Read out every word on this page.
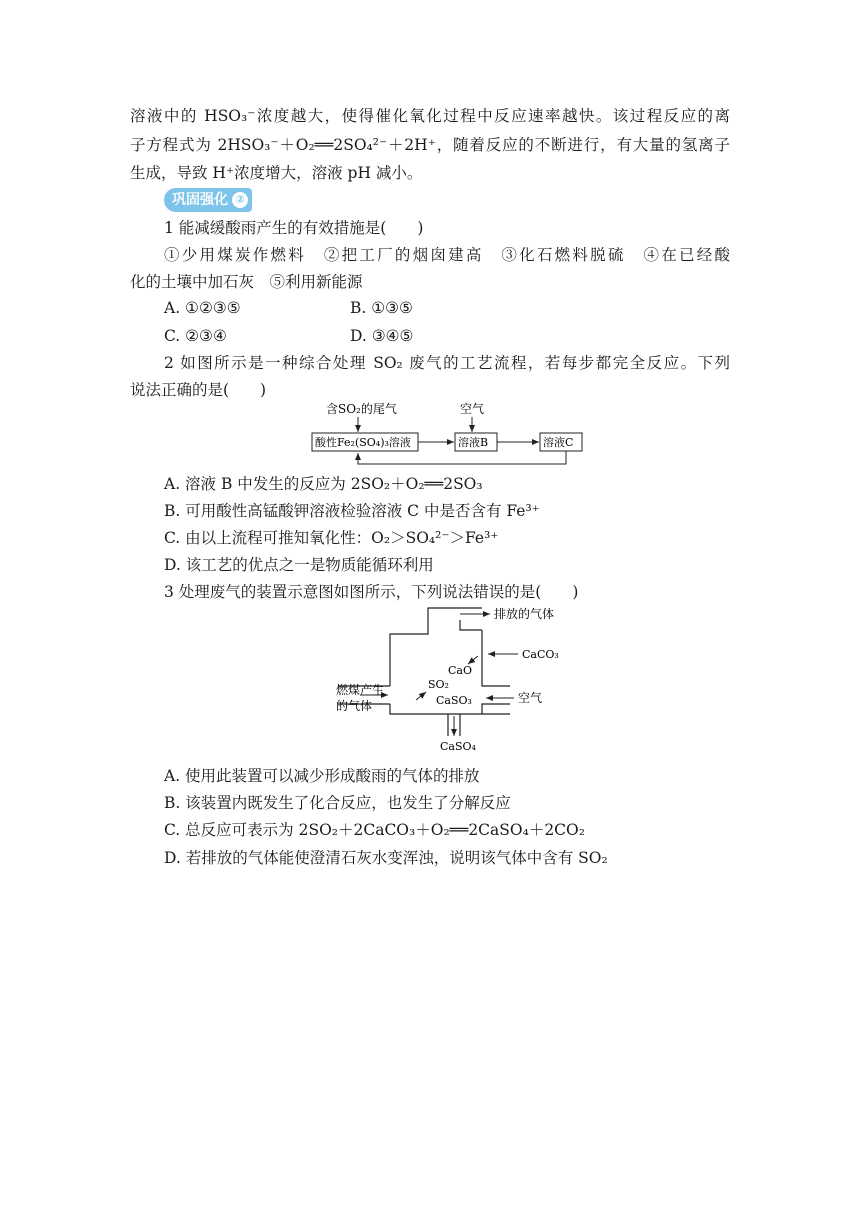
溶液中的 HSO₃⁻浓度越大，使得催化氧化过程中反应速率越快。该过程反应的离
子方程式为 2HSO₃⁻＋O₂══2SO₄²⁻＋2H⁺，随着反应的不断进行，有大量的氢离子
生成，导致 H⁺浓度增大，溶液 pH 减小。
巩固强化 ②
1 能减缓酸雨产生的有效措施是(　　)
①少用煤炭作燃料　②把工厂的烟囱建高　③化石燃料脱硫　④在已经酸
化的土壤中加石灰　⑤利用新能源
A. ①②③⑤	B. ①③⑤
C. ②③④	D. ③④⑤
2 如图所示是一种综合处理 SO₂ 废气的工艺流程，若每步都完全反应。下列
说法正确的是(　　)
含SO₂的尾气	空气
酸性Fe₂(SO₄)₃溶液	溶液B	溶液C
A. 溶液 B 中发生的反应为 2SO₂＋O₂══2SO₃
B. 可用酸性高锰酸钾溶液检验溶液 C 中是否含有 Fe³⁺
C. 由以上流程可推知氧化性：O₂＞SO₄²⁻＞Fe³⁺
D. 该工艺的优点之一是物质能循环利用
3 处理废气的装置示意图如图所示，下列说法错误的是(　　)
排放的气体
CaCO₃
CaO
SO₂
CaSO₃
燃煤产生
的气体
空气
CaSO₄
A. 使用此装置可以减少形成酸雨的气体的排放
B. 该装置内既发生了化合反应，也发生了分解反应
C. 总反应可表示为 2SO₂＋2CaCO₃＋O₂══2CaSO₄＋2CO₂
D. 若排放的气体能使澄清石灰水变浑浊，说明该气体中含有 SO₂
